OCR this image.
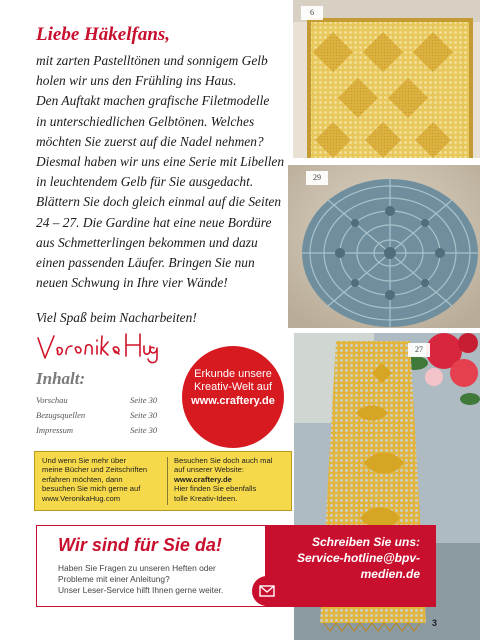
6
29
27
Liebe Häkelfans,
mit zarten Pastelltönen und sonnigem Gelb
holen wir uns den Frühling ins Haus.
Den Auftakt machen grafische Filetmodelle
in unterschiedlichen Gelbtönen. Welches
möchten Sie zuerst auf die Nadel nehmen?
Diesmal haben wir uns eine Serie mit Libellen
in leuchtendem Gelb für Sie ausgedacht.
Blättern Sie doch gleich einmal auf die Seiten
24 – 27. Die Gardine hat eine neue Bordüre
aus Schmetterlingen bekommen und dazu
einen passenden Läufer. Bringen Sie nun
neuen Schwung in Ihre vier Wände!
Viel Spaß beim Nacharbeiten!
Inhalt:
Vorschau	Seite 30
Bezugsquellen	Seite 30
Impressum	Seite 30
Erkunde unsere
Kreativ-Welt auf
www.craftery.de
Und wenn Sie mehr über
meine Bücher und Zeitschriften
erfahren möchten, dann
besuchen Sie mich gerne auf
www.VeronikaHug.com
Besuchen Sie doch auch mal
auf unserer Website:
www.craftery.de
Hier finden Sie ebenfalls
tolle Kreativ-Ideen.
Wir sind für Sie da!
Haben Sie Fragen zu unseren Heften oder
Probleme mit einer Anleitung?
Unser Leser-Service hilft Ihnen gerne weiter.
Schreiben Sie uns:
Service-hotline@bpv-
medien.de
3
